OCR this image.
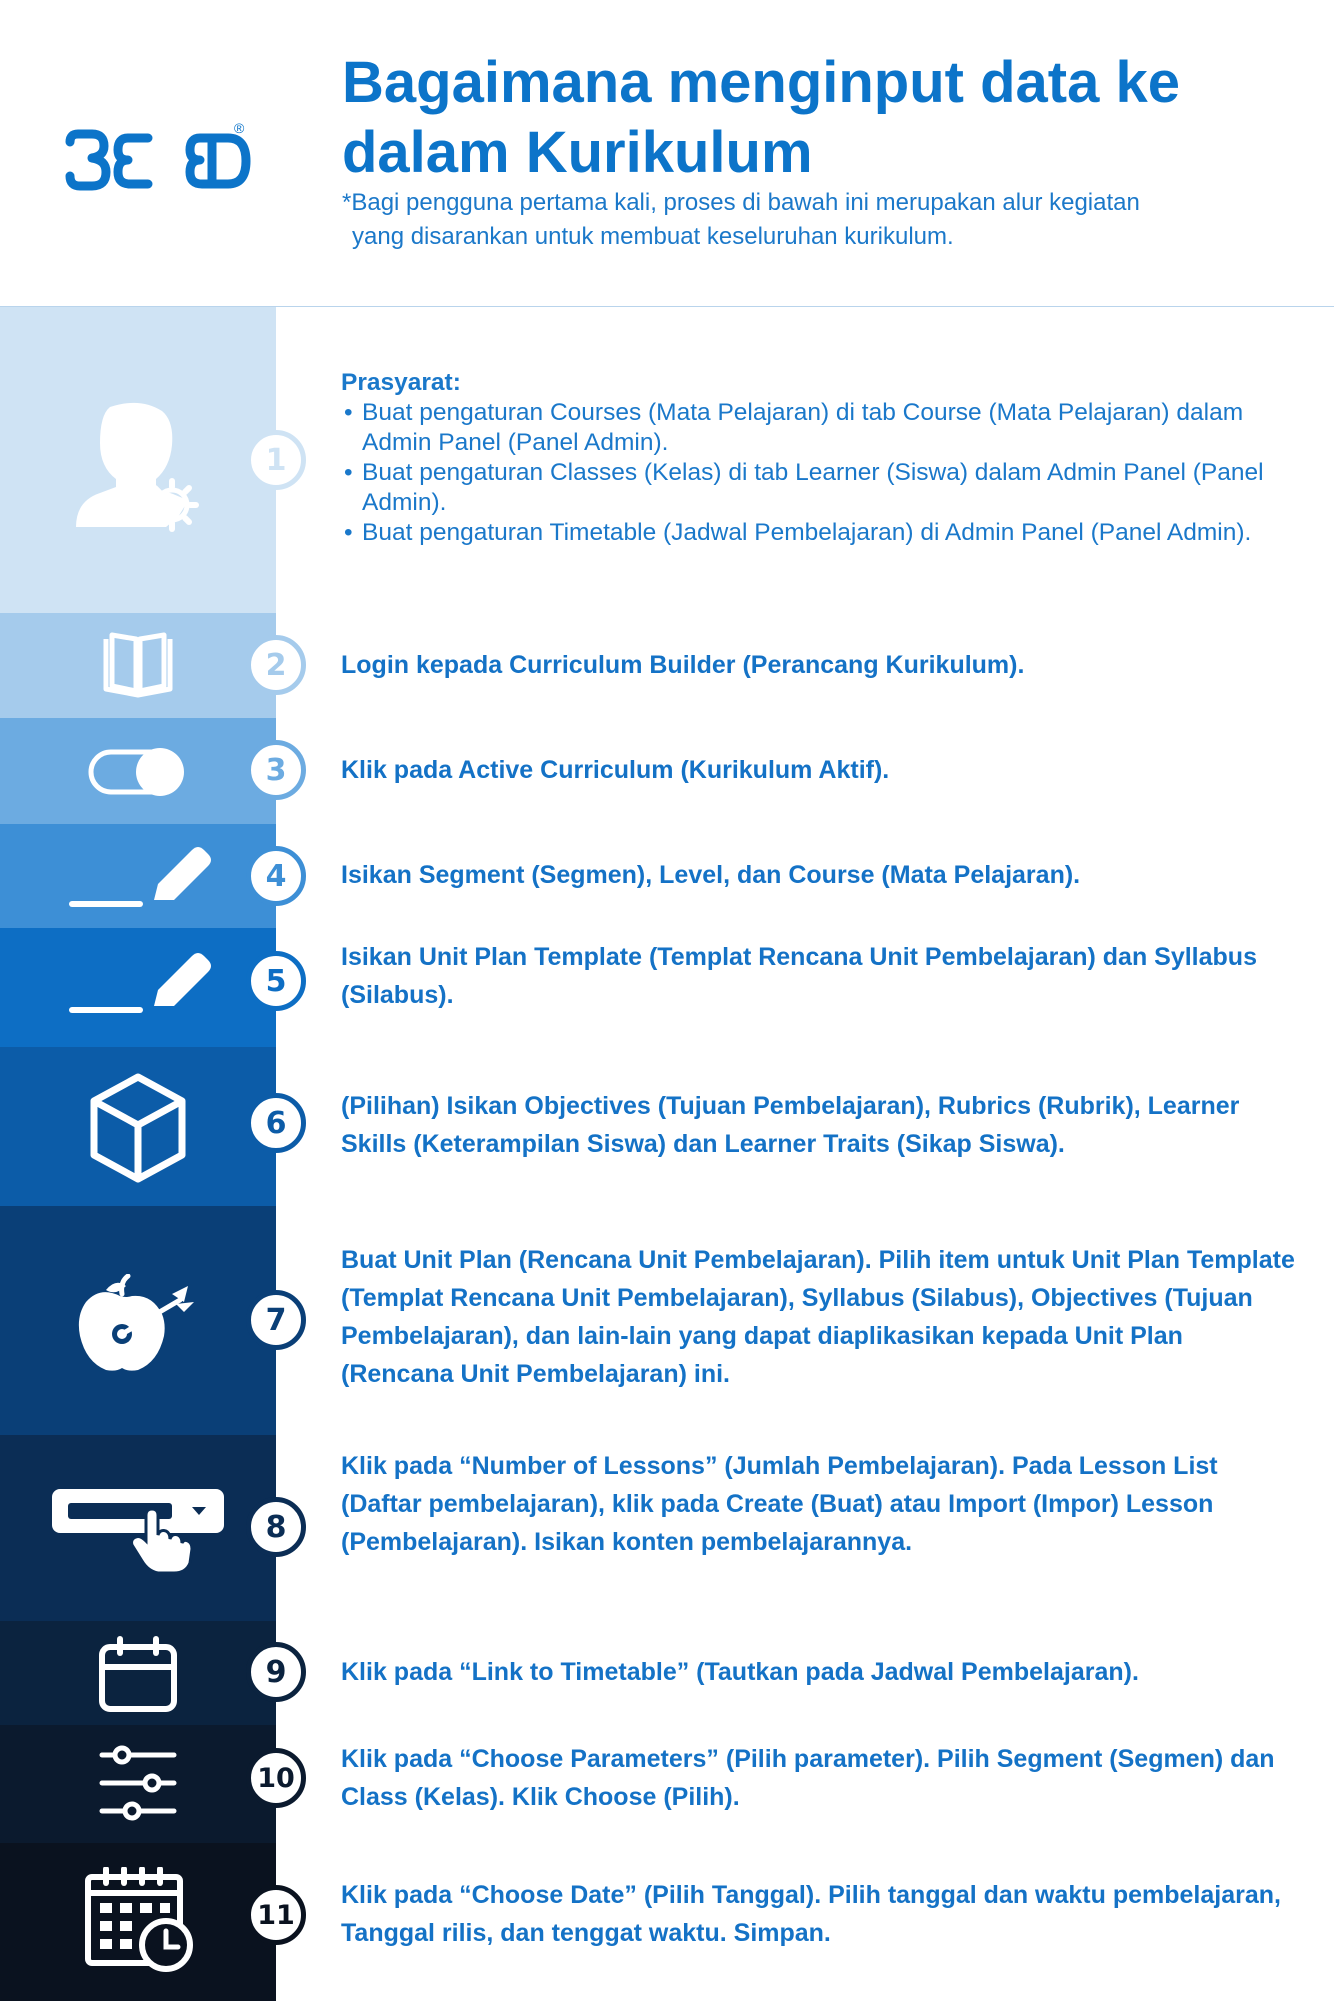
®
Bagaimana menginput data ke dalam Kurikulum
*Bagi pengguna pertama kali, proses di bawah ini merupakan alur kegiatan
yang disarankan untuk membuat keseluruhan kurikulum.
1
Prasyarat:
• Buat pengaturan Courses (Mata Pelajaran) di tab Course (Mata Pelajaran) dalam Admin Panel (Panel Admin).
• Buat pengaturan Classes (Kelas) di tab Learner (Siswa) dalam Admin Panel (Panel Admin).
• Buat pengaturan Timetable (Jadwal Pembelajaran) di Admin Panel (Panel Admin).
2	Login kepada Curriculum Builder (Perancang Kurikulum).
3	Klik pada Active Curriculum (Kurikulum Aktif).
4	Isikan Segment (Segmen), Level, dan Course (Mata Pelajaran).
5
Isikan Unit Plan Template (Templat Rencana Unit Pembelajaran) dan Syllabus (Silabus).
6	(Pilihan) Isikan Objectives (Tujuan Pembelajaran), Rubrics (Rubrik), Learner Skills (Keterampilan Siswa) dan Learner Traits (Sikap Siswa).
7
Buat Unit Plan (Rencana Unit Pembelajaran). Pilih item untuk Unit Plan Template (Templat Rencana Unit Pembelajaran), Syllabus (Silabus), Objectives (Tujuan Pembelajaran), dan lain-lain yang dapat diaplikasikan kepada Unit Plan (Rencana Unit Pembelajaran) ini.
8
Klik pada “Number of Lessons” (Jumlah Pembelajaran). Pada Lesson List (Daftar pembelajaran), klik pada Create (Buat) atau Import (Impor) Lesson (Pembelajaran). Isikan konten pembelajarannya.
9	Klik pada “Link to Timetable” (Tautkan pada Jadwal Pembelajaran).
10
Klik pada “Choose Parameters” (Pilih parameter). Pilih Segment (Segmen) dan Class (Kelas). Klik Choose (Pilih).
11
Klik pada “Choose Date” (Pilih Tanggal). Pilih tanggal dan waktu pembelajaran, Tanggal rilis, dan tenggat waktu. Simpan.
